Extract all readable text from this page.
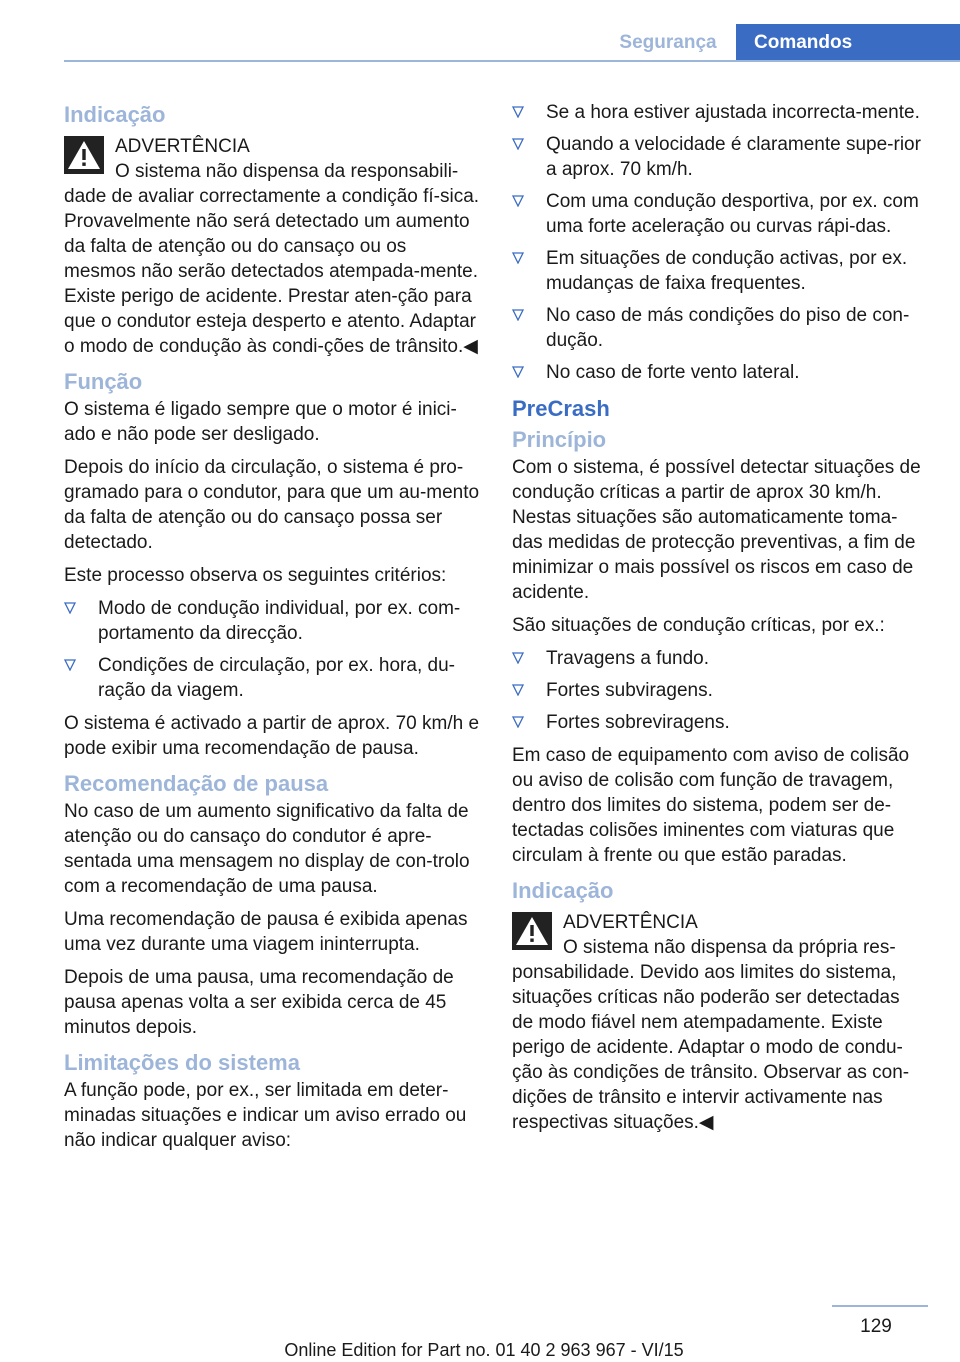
Segurança	Comandos
Indicação
ADVERTÊNCIA

O sistema não dispensa da responsabili‐dade de avaliar correctamente a condição fí‐sica. Provavelmente não será detectado um aumento da falta de atenção ou do cansaço ou os mesmos não serão detectados atempada‐mente. Existe perigo de acidente. Prestar aten‐ção para que o condutor esteja desperto e atento. Adaptar o modo de condução às condi‐ções de trânsito.◀

Função

O sistema é ligado sempre que o motor é inici‐ado e não pode ser desligado.

Depois do início da circulação, o sistema é pro‐gramado para o condutor, para que um au‐mento da falta de atenção ou do cansaço possa ser detectado.

Este processo observa os seguintes critérios:

Modo de condução individual, por ex. com‐portamento da direcção.
Condições de circulação, por ex. hora, du‐ração da viagem.

O sistema é activado a partir de aprox. 70 km/h e pode exibir uma recomendação de pausa.

Recomendação de pausa

No caso de um aumento significativo da falta de atenção ou do cansaço do condutor é apre‐sentada uma mensagem no display de con‐trolo com a recomendação de uma pausa.

Uma recomendação de pausa é exibida apenas uma vez durante uma viagem ininterrupta.

Depois de uma pausa, uma recomendação de pausa apenas volta a ser exibida cerca de 45 minutos depois.

Limitações do sistema

A função pode, por ex., ser limitada em deter‐minadas situações e indicar um aviso errado ou não indicar qualquer aviso:

Se a hora estiver ajustada incorrecta‐mente.
Quando a velocidade é claramente supe‐rior a aprox. 70 km/h.
Com uma condução desportiva, por ex. com uma forte aceleração ou curvas rápi‐das.
Em situações de condução activas, por ex. mudanças de faixa frequentes.
No caso de más condições do piso de con‐dução.
No caso de forte vento lateral.
PreCrash
Princípio

Com o sistema, é possível detectar situações de condução críticas a partir de aprox 30 km/h. Nestas situações são automaticamente toma‐das medidas de protecção preventivas, a fim de minimizar o mais possível os riscos em caso de acidente.

São situações de condução críticas, por ex.:

Travagens a fundo.
Fortes subviragens.
Fortes sobreviragens.

Em caso de equipamento com aviso de colisão ou aviso de colisão com função de travagem, dentro dos limites do sistema, podem ser de‐tectadas colisões iminentes com viaturas que circulam à frente ou que estão paradas.

Indicação
ADVERTÊNCIA

O sistema não dispensa da própria res‐ponsabilidade. Devido aos limites do sistema, situações críticas não poderão ser detectadas de modo fiável nem atempadamente. Existe perigo de acidente. Adaptar o modo de condu‐ção às condições de trânsito. Observar as con‐dições de trânsito e intervir activamente nas respectivas situações.◀

129
Online Edition for Part no. 01 40 2 963 967 - VI/15
